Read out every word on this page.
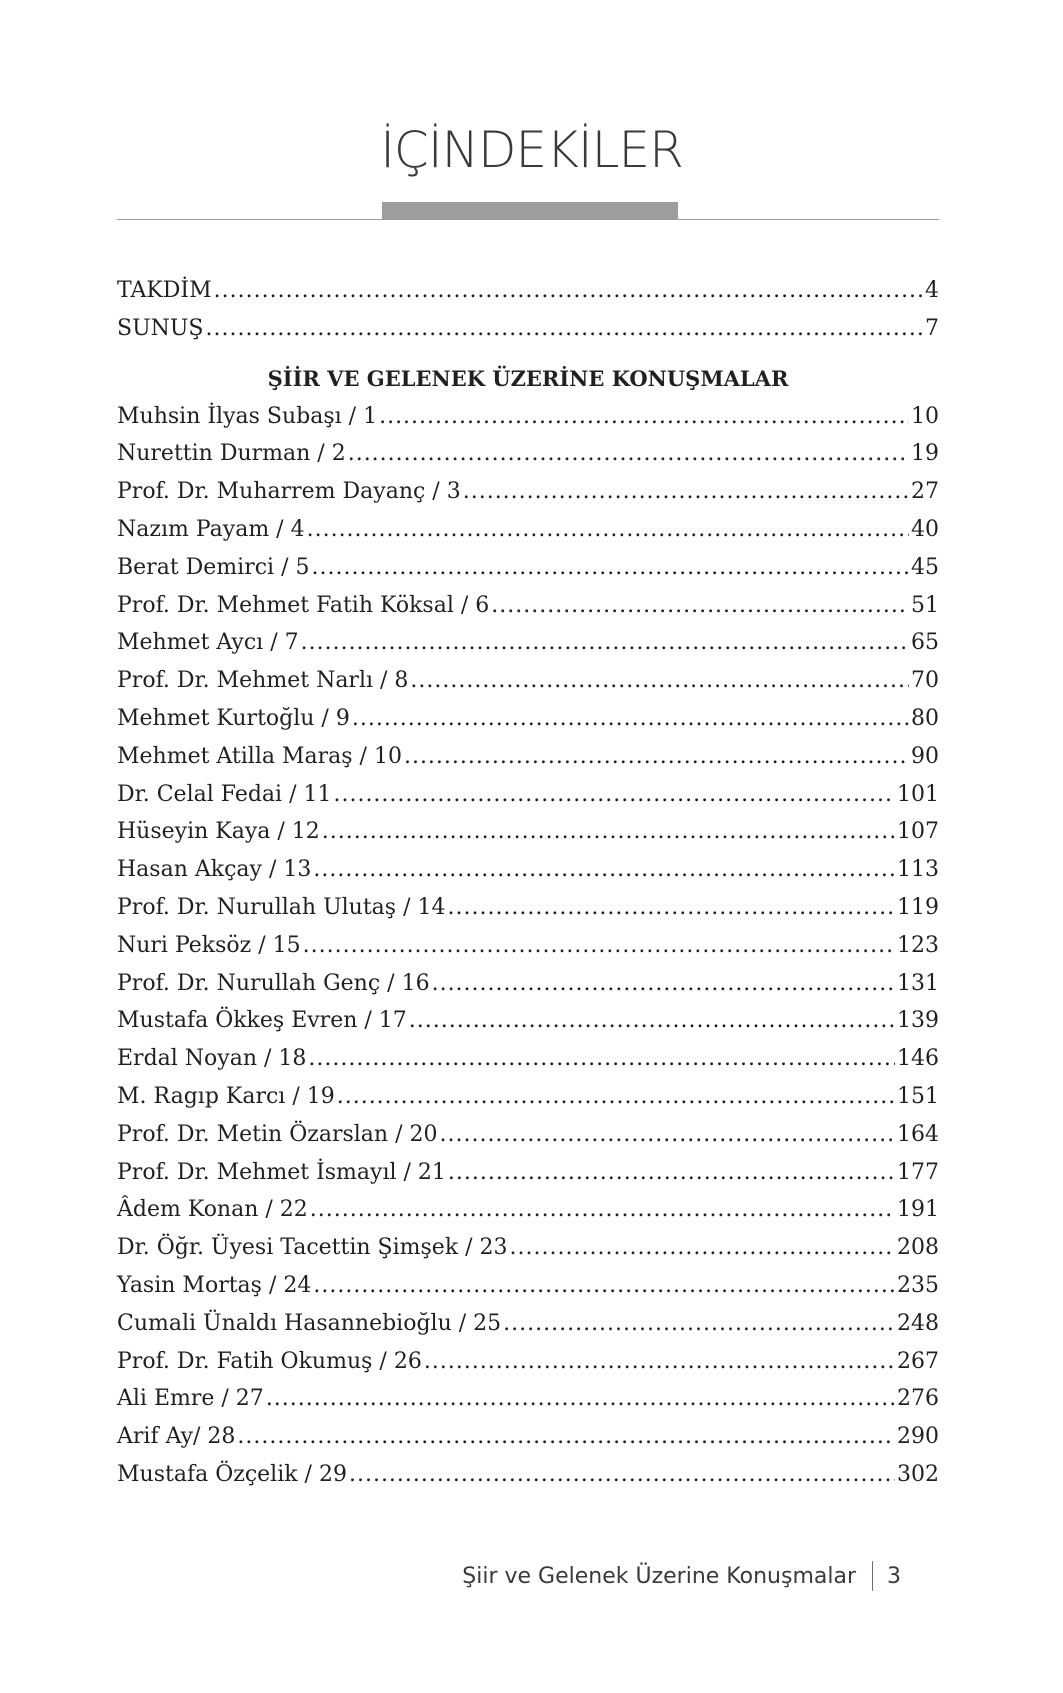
İÇİNDEKİLER
TAKDİM .....	4
SUNUŞ .....	7
ŞİİR VE GELENEK ÜZERİNE KONUŞMALAR
Muhsin İlyas Subaşı / 1 .....	10
Nurettin Durman / 2 .....	19
Prof. Dr. Muharrem Dayanç / 3 .....	27
Nazım Payam / 4 .....	40
Berat Demirci / 5 .....	45
Prof. Dr. Mehmet Fatih Köksal / 6 .....	51
Mehmet Aycı / 7 .....	65
Prof. Dr. Mehmet Narlı / 8 .....	70
Mehmet Kurtoğlu / 9 .....	80
Mehmet Atilla Maraş / 10 .....	90
Dr. Celal Fedai / 11 .....	101
Hüseyin Kaya / 12 .....	107
Hasan Akçay / 13 .....	113
Prof. Dr. Nurullah Ulutaş / 14 .....	119
Nuri Peksöz / 15 .....	123
Prof. Dr. Nurullah Genç / 16 .....	131
Mustafa Ökkeş Evren / 17 .....	139
Erdal Noyan / 18 .....	146
M. Ragıp Karcı / 19 .....	151
Prof. Dr. Metin Özarslan / 20 .....	164
Prof. Dr. Mehmet İsmayıl / 21 .....	177
Âdem Konan / 22 .....	191
Dr. Öğr. Üyesi Tacettin Şimşek / 23 .....	208
Yasin Mortaş / 24 .....	235
Cumali Ünaldı Hasannebioğlu / 25 .....	248
Prof. Dr. Fatih Okumuş / 26 .....	267
Ali Emre / 27 .....	276
Arif Ay/ 28 .....	290
Mustafa Özçelik / 29 .....	302
Şiir ve Gelenek Üzerine Konuşmalar 3
